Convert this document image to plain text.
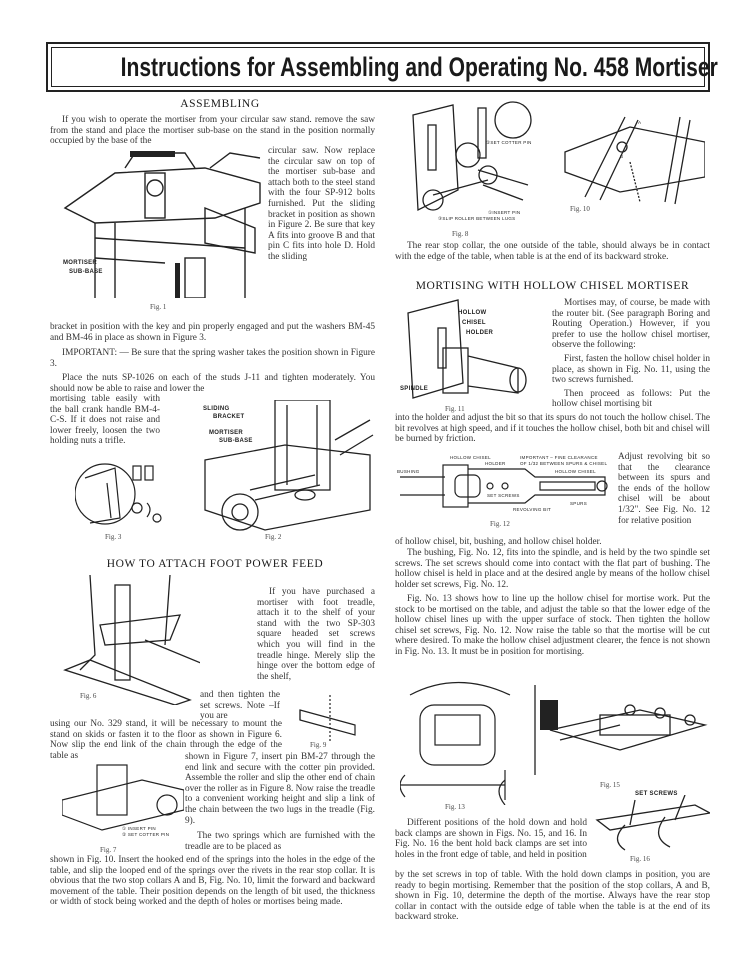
Instructions for Assembling and Operating No. 458 Mortiser
ASSEMBLING

If you wish to operate the mortiser from your circular saw stand. remove the saw from the stand and place the mortiser sub-base on the stand in the position normally occupied by the base of the

MORTISER
SUB-BASE
Fig. 1

circular saw. Now replace the circular saw on top of the mortiser sub-base and attach both to the steel stand with the four SP-912 bolts furnished. Put the sliding bracket in position as shown in Figure 2. Be sure that key A fits into groove B and that pin C fits into hole D. Hold the sliding

bracket in position with the key and pin properly engaged and put the washers BM-45 and BM-46 in place as shown in Figure 3.

IMPORTANT: — Be sure that the spring washer takes the position shown in Figure 3.

Place the nuts SP-1026 on each of the studs J-11 and tighten moderately. You should now be able to raise and lower the

mortising table easily with the ball crank handle BM-4-C-S. If it does not raise and lower freely, loosen the two holding nuts a trifle.

Fig. 3
SLIDING
BRACKET
MORTISER
SUB-BASE
Fig. 2
HOW TO ATTACH FOOT POWER FEED
Fig. 6

If you have purchased a mortiser with foot treadle, attach it to the shelf of your stand with the two SP-303 square headed set screws which you will find in the treadle hinge. Merely slip the hinge over the bottom edge of the shelf,

and then tighten the set screws. Note –If you are

Fig. 9

using our No. 329 stand, it will be necessary to mount the stand on skids or fasten it to the floor as shown in Figure 6. Now slip the end link of the chain through the edge of the table as

① INSERT PIN
② SET COTTER PIN
Fig. 7

shown in Figure 7, insert pin BM-27 through the end link and secure with the cotter pin provided. Assemble the roller and slip the other end of chain over the roller as in Figure 8. Now raise the treadle to a convenient working height and slip a link of the chain between the two lugs in the treadle (Fig. 9).

The two springs which are furnished with the treadle are to be placed as

shown in Fig. 10. Insert the hooked end of the springs into the holes in the edge of the table, and slip the looped end of the springs over the rivets in the rear stop collar. It is obvious that the two stop collars A and B, Fig. No. 10, limit the forward and backward movement of the table. Their position depends on the length of bit used, the thickness or width of stock being worked and the depth of holes or mortises being made.

②SET COTTER PIN
③SLIP ROLLER BETWEEN LUGS
①INSERT PIN
Fig. 8
A
B
Fig. 10

The rear stop collar, the one outside of the table, should always be in contact with the edge of the table, when table is at the end of its backward stroke.

MORTISING WITH HOLLOW CHISEL MORTISER
HOLLOW
CHISEL
HOLDER
SPINDLE
Fig. 11

Mortises may, of course, be made with the router bit. (See paragraph Boring and Routing Operation.) However, if you prefer to use the hollow chisel mortiser, observe the following:

First, fasten the hollow chisel holder in place, as shown in Fig. No. 11, using the two screws furnished.

Then proceed as follows: Put the hollow chisel mortising bit

into the holder and adjust the bit so that its spurs do not touch the hollow chisel. The bit revolves at high speed, and if it touches the hollow chisel, both bit and chisel will be burned by friction.

HOLLOW CHISEL
HOLDER
IMPORTANT – FINE CLEARANCE
OF 1/32 BETWEEN SPURS & CHISEL
HOLLOW CHISEL
BUSHING
SET SCREWS
REVOLVING BIT
SPURS
Fig. 12

Adjust revolving bit so that the clearance between its spurs and the ends of the hollow chisel will be about 1/32". See Fig. No. 12 for relative position

of hollow chisel, bit, bushing, and hollow chisel holder.

The bushing, Fig. No. 12, fits into the spindle, and is held by the two spindle set screws. The set screws should come into contact with the flat part of bushing. The hollow chisel is held in place and at the desired angle by means of the hollow chisel holder set screws, Fig. No. 12.

Fig. No. 13 shows how to line up the hollow chisel for mortise work. Put the stock to be mortised on the table, and adjust the table so that the lower edge of the hollow chisel lines up with the upper surface of stock. Then tighten the hollow chisel set screws, Fig. No. 12. Now raise the table so that the mortise will be cut where desired. To make the hollow chisel adjustment clearer, the fence is not shown in Fig. No. 13. It must be in position for mortising.

Fig. 13
Fig. 15
SET SCREWS
Fig. 16

Different positions of the hold down and hold back clamps are shown in Figs. No. 15, and 16. In Fig. No. 16 the bent hold back clamps are set into holes in the front edge of table, and held in position

by the set screws in top of table. With the hold down clamps in position, you are ready to begin mortising. Remember that the position of the stop collars, A and B, shown in Fig. 10, determine the depth of the mortise. Always have the rear stop collar in contact with the outside edge of table when the table is at the end of its backward stroke.
